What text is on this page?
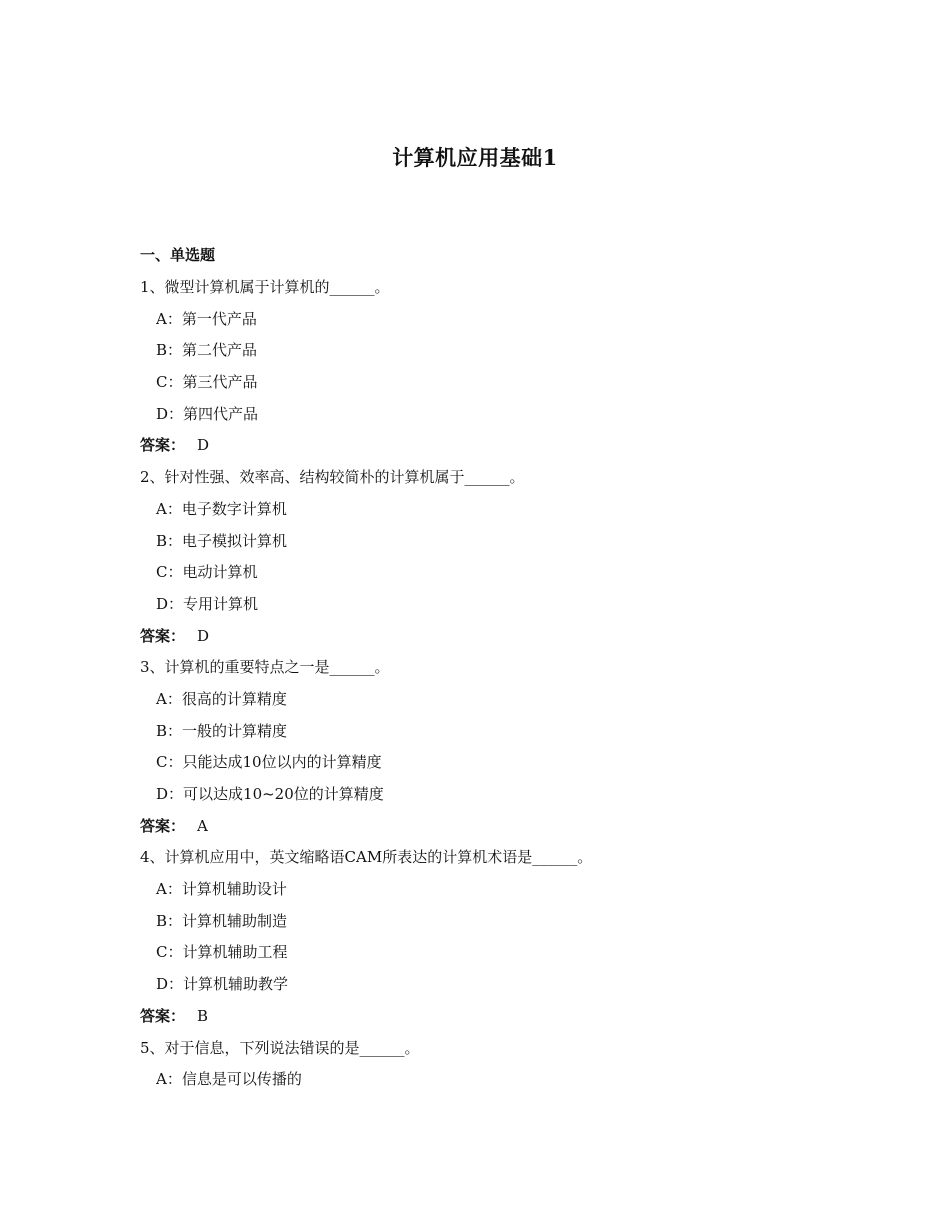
计算机应用基础1
一、单选题
1、微型计算机属于计算机的______。
A：第一代产品
B：第二代产品
C：第三代产品
D：第四代产品
答案： D
2、针对性强、效率高、结构较简朴的计算机属于______。
A：电子数字计算机
B：电子模拟计算机
C：电动计算机
D：专用计算机
答案： D
3、计算机的重要特点之一是______。
A：很高的计算精度
B：一般的计算精度
C：只能达成10位以内的计算精度
D：可以达成10~20位的计算精度
答案： A
4、计算机应用中，英文缩略语CAM所表达的计算机术语是______。
A：计算机辅助设计
B：计算机辅助制造
C：计算机辅助工程
D：计算机辅助教学
答案： B
5、对于信息，下列说法错误的是______。
A：信息是可以传播的
